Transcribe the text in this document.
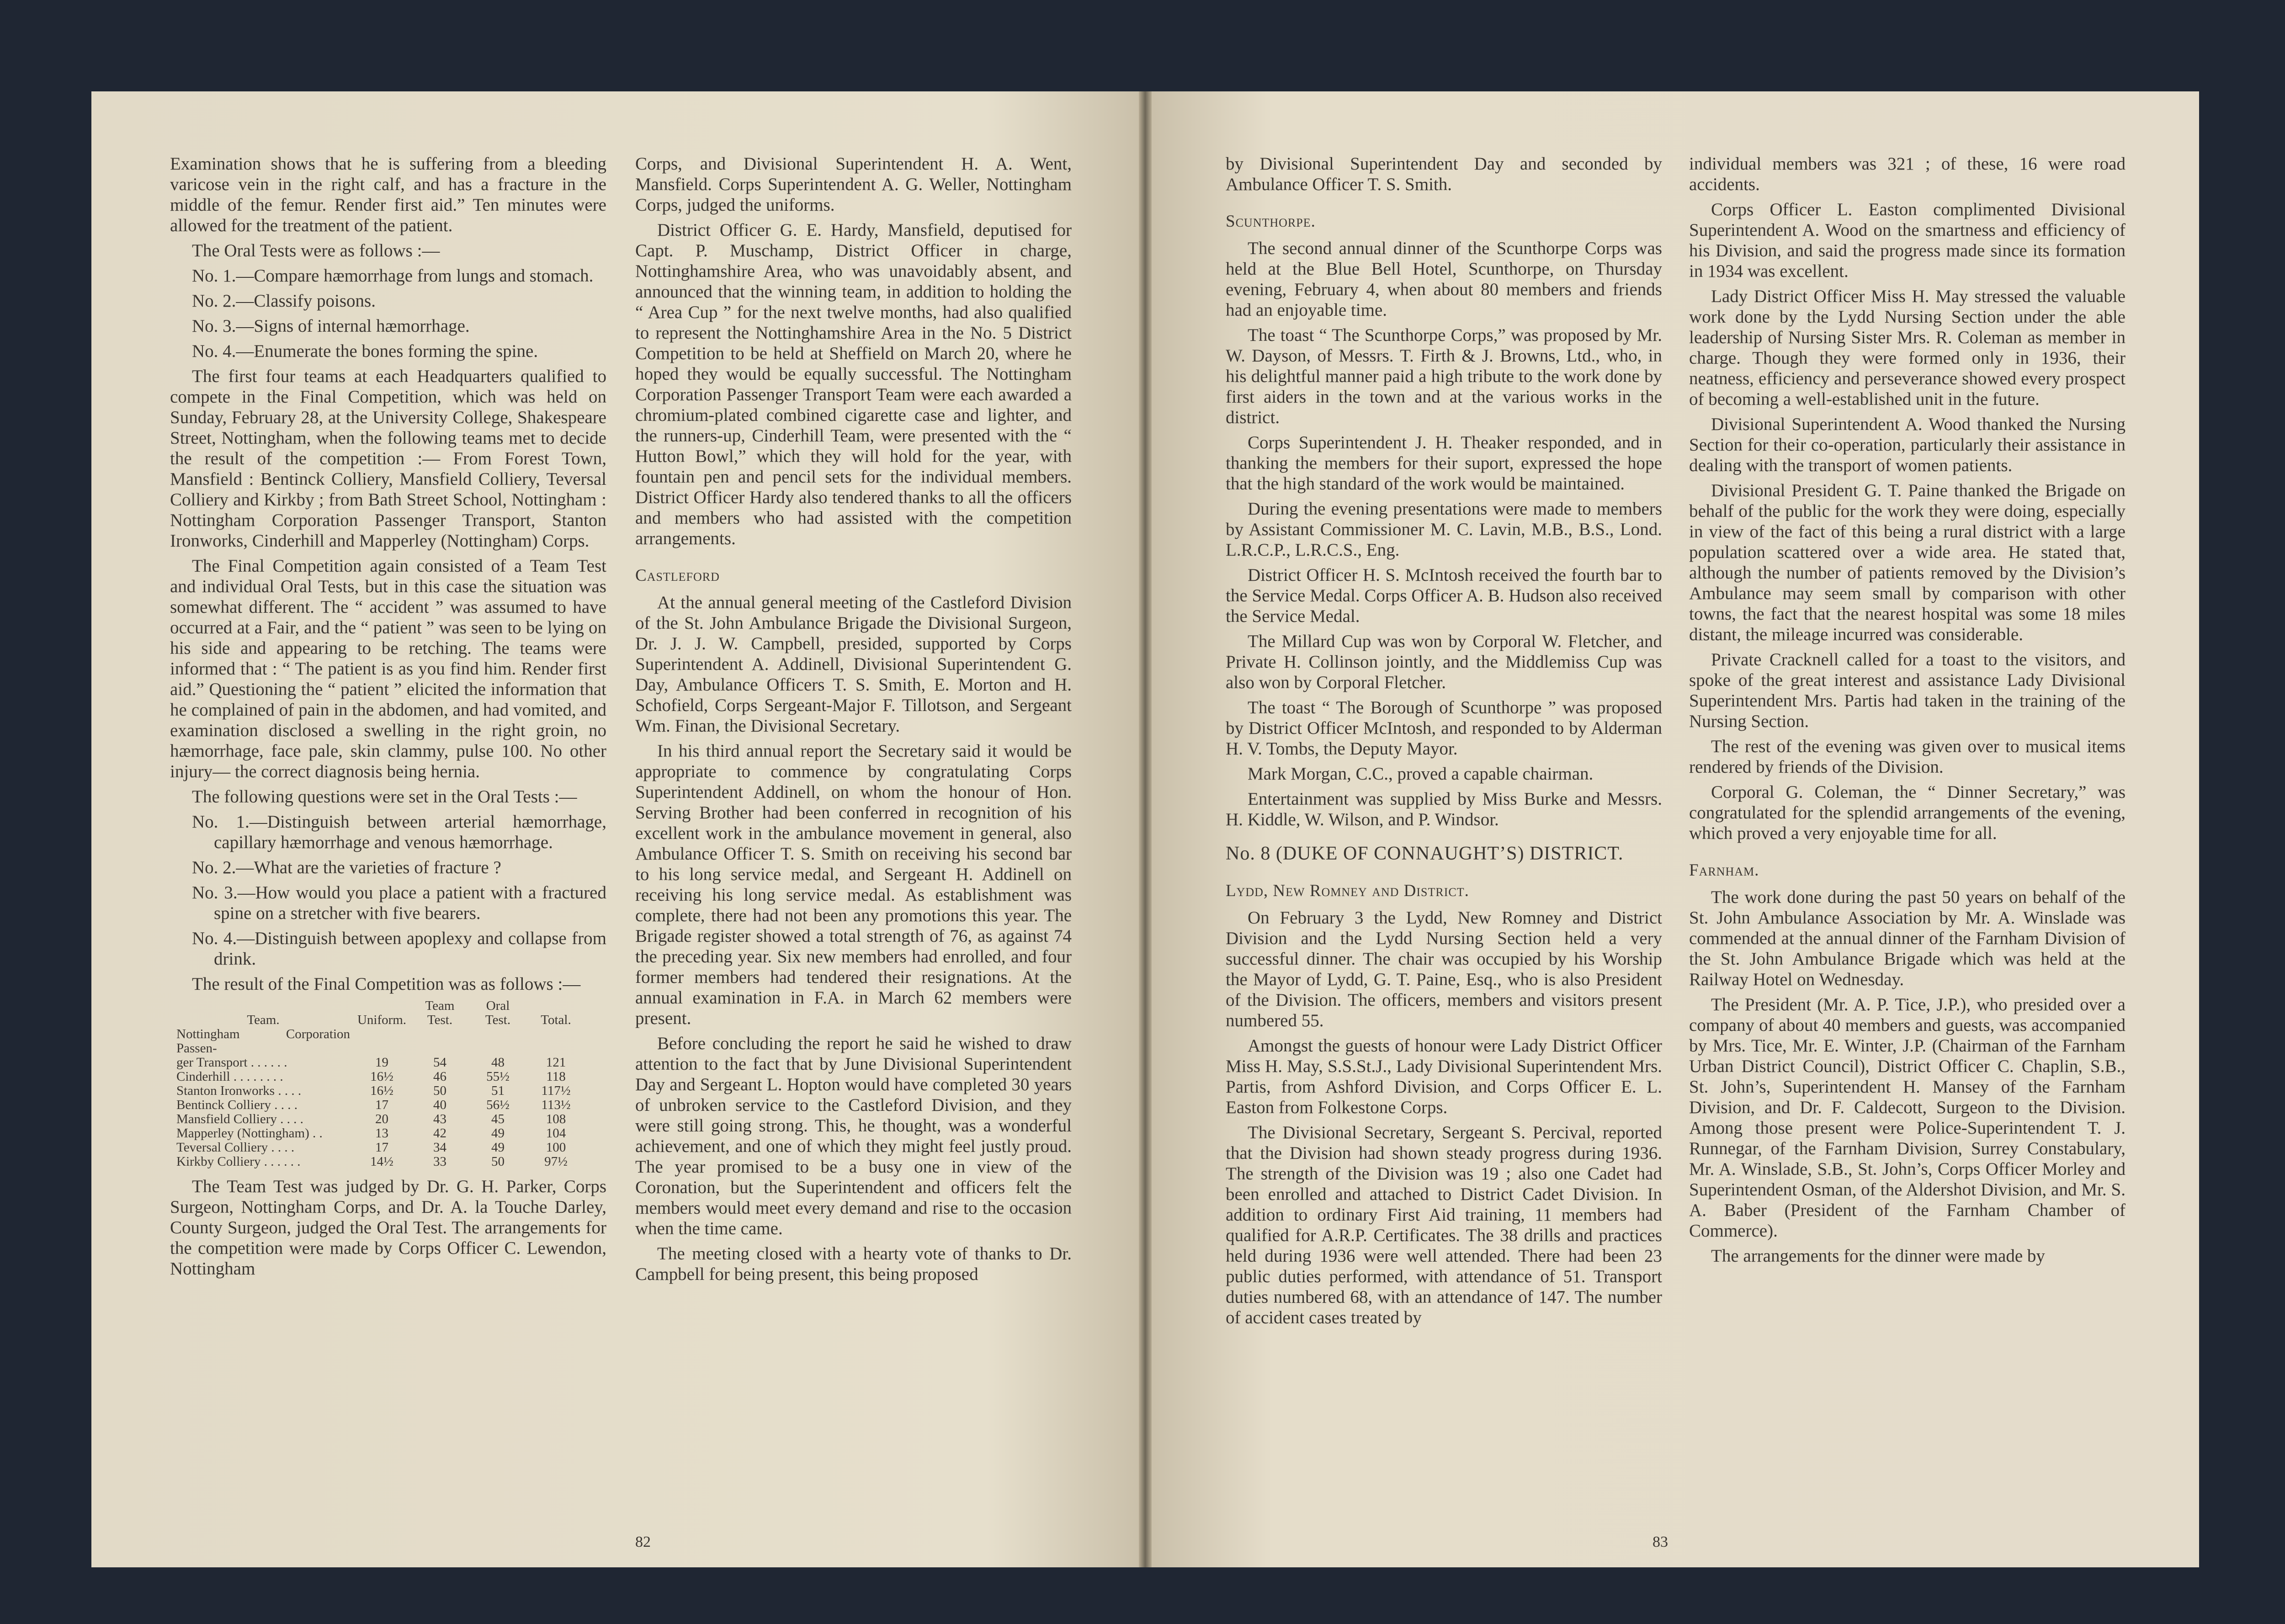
Examination shows that he is suffering from a bleeding varicose vein in the right calf, and has a fracture in the middle of the femur. Render first aid.” Ten minutes were allowed for the treatment of the patient.

The Oral Tests were as follows :—

No. 1.—Compare hæmorrhage from lungs and stomach.

No. 2.—Classify poisons.

No. 3.—Signs of internal hæmorrhage.

No. 4.—Enumerate the bones forming the spine.

The first four teams at each Headquarters qualified to compete in the Final Competition, which was held on Sunday, February 28, at the University College, Shakespeare Street, Nottingham, when the following teams met to decide the result of the competition :— From Forest Town, Mansfield : Bentinck Colliery, Mansfield Colliery, Teversal Colliery and Kirkby ; from Bath Street School, Nottingham : Nottingham Corporation Passenger Transport, Stanton Ironworks, Cinderhill and Mapperley (Nottingham) Corps.

The Final Competition again consisted of a Team Test and individual Oral Tests, but in this case the situation was somewhat different. The “ accident ” was assumed to have occurred at a Fair, and the “ patient ” was seen to be lying on his side and appearing to be retching. The teams were informed that : “ The patient is as you find him. Render first aid.” Questioning the “ patient ” elicited the information that he complained of pain in the abdomen, and had vomited, and examination disclosed a swelling in the right groin, no hæmorrhage, face pale, skin clammy, pulse 100. No other injury— the correct diagnosis being hernia.

The following questions were set in the Oral Tests :—

No. 1.—Distinguish between arterial hæmorrhage, capillary hæmorrhage and venous hæmorrhage.

No. 2.—What are the varieties of fracture ?

No. 3.—How would you place a patient with a fractured spine on a stretcher with five bearers.

No. 4.—Distinguish between apoplexy and collapse from drink.

The result of the Final Competition was as follows :—

		Team	Oral	
Team.	Uniform.	Test.	Test.	Total.
Nottingham Corporation Passen-				
ger Transport . . . . . .	19	54	48	121
Cinderhill . . . . . . . .	16½	46	55½	118
Stanton Ironworks . . . .	16½	50	51	117½
Bentinck Colliery . . . .	17	40	56½	113½
Mansfield Colliery . . . .	20	43	45	108
Mapperley (Nottingham) . .	13	42	49	104
Teversal Colliery . . . .	17	34	49	100
Kirkby Colliery . . . . . .	14½	33	50	97½

The Team Test was judged by Dr. G. H. Parker, Corps Surgeon, Nottingham Corps, and Dr. A. la Touche Darley, County Surgeon, judged the Oral Test. The arrangements for the competition were made by Corps Officer C. Lewendon, Nottingham

Corps, and Divisional Superintendent H. A. Went, Mansfield. Corps Superintendent A. G. Weller, Nottingham Corps, judged the uniforms.

District Officer G. E. Hardy, Mansfield, deputised for Capt. P. Muschamp, District Officer in charge, Nottinghamshire Area, who was unavoidably absent, and announced that the winning team, in addition to holding the “ Area Cup ” for the next twelve months, had also qualified to represent the Nottinghamshire Area in the No. 5 District Competition to be held at Sheffield on March 20, where he hoped they would be equally successful. The Nottingham Corporation Passenger Transport Team were each awarded a chromium-plated combined cigarette case and lighter, and the runners-up, Cinderhill Team, were presented with the “ Hutton Bowl,” which they will hold for the year, with fountain pen and pencil sets for the individual members. District Officer Hardy also tendered thanks to all the officers and members who had assisted with the competition arrangements.

Castleford

At the annual general meeting of the Castleford Division of the St. John Ambulance Brigade the Divisional Surgeon, Dr. J. J. W. Campbell, presided, supported by Corps Superintendent A. Addinell, Divisional Superintendent G. Day, Ambulance Officers T. S. Smith, E. Morton and H. Schofield, Corps Sergeant-Major F. Tillotson, and Sergeant Wm. Finan, the Divisional Secretary.

In his third annual report the Secretary said it would be appropriate to commence by congratulating Corps Superintendent Addinell, on whom the honour of Hon. Serving Brother had been conferred in recognition of his excellent work in the ambulance movement in general, also Ambulance Officer T. S. Smith on receiving his second bar to his long service medal, and Sergeant H. Addinell on receiving his long service medal. As establishment was complete, there had not been any promotions this year. The Brigade register showed a total strength of 76, as against 74 the preceding year. Six new members had enrolled, and four former members had tendered their resignations. At the annual examination in F.A. in March 62 members were present.

Before concluding the report he said he wished to draw attention to the fact that by June Divisional Superintendent Day and Sergeant L. Hopton would have completed 30 years of unbroken service to the Castleford Division, and they were still going strong. This, he thought, was a wonderful achievement, and one of which they might feel justly proud. The year promised to be a busy one in view of the Coronation, but the Superintendent and officers felt the members would meet every demand and rise to the occasion when the time came.

The meeting closed with a hearty vote of thanks to Dr. Campbell for being present, this being proposed

82

by Divisional Superintendent Day and seconded by Ambulance Officer T. S. Smith.

Scunthorpe.

The second annual dinner of the Scunthorpe Corps was held at the Blue Bell Hotel, Scunthorpe, on Thursday evening, February 4, when about 80 members and friends had an enjoyable time.

The toast “ The Scunthorpe Corps,” was proposed by Mr. W. Dayson, of Messrs. T. Firth & J. Browns, Ltd., who, in his delightful manner paid a high tribute to the work done by first aiders in the town and at the various works in the district.

Corps Superintendent J. H. Theaker responded, and in thanking the members for their suport, expressed the hope that the high standard of the work would be maintained.

During the evening presentations were made to members by Assistant Commissioner M. C. Lavin, M.B., B.S., Lond. L.R.C.P., L.R.C.S., Eng.

District Officer H. S. McIntosh received the fourth bar to the Service Medal. Corps Officer A. B. Hudson also received the Service Medal.

The Millard Cup was won by Corporal W. Fletcher, and Private H. Collinson jointly, and the Middlemiss Cup was also won by Corporal Fletcher.

The toast “ The Borough of Scunthorpe ” was proposed by District Officer McIntosh, and responded to by Alderman H. V. Tombs, the Deputy Mayor.

Mark Morgan, C.C., proved a capable chairman.

Entertainment was supplied by Miss Burke and Messrs. H. Kiddle, W. Wilson, and P. Windsor.

No. 8 (DUKE OF CONNAUGHT’S) DISTRICT.

Lydd, New Romney and District.

On February 3 the Lydd, New Romney and District Division and the Lydd Nursing Section held a very successful dinner. The chair was occupied by his Worship the Mayor of Lydd, G. T. Paine, Esq., who is also President of the Division. The officers, members and visitors present numbered 55.

Amongst the guests of honour were Lady District Officer Miss H. May, S.S.St.J., Lady Divisional Superintendent Mrs. Partis, from Ashford Division, and Corps Officer E. L. Easton from Folkestone Corps.

The Divisional Secretary, Sergeant S. Percival, reported that the Division had shown steady progress during 1936. The strength of the Division was 19 ; also one Cadet had been enrolled and attached to District Cadet Division. In addition to ordinary First Aid training, 11 members had qualified for A.R.P. Certificates. The 38 drills and practices held during 1936 were well attended. There had been 23 public duties performed, with attendance of 51. Transport duties numbered 68, with an attendance of 147. The number of accident cases treated by

individual members was 321 ; of these, 16 were road accidents.

Corps Officer L. Easton complimented Divisional Superintendent A. Wood on the smartness and efficiency of his Division, and said the progress made since its formation in 1934 was excellent.

Lady District Officer Miss H. May stressed the valuable work done by the Lydd Nursing Section under the able leadership of Nursing Sister Mrs. R. Coleman as member in charge. Though they were formed only in 1936, their neatness, efficiency and perseverance showed every prospect of becoming a well-established unit in the future.

Divisional Superintendent A. Wood thanked the Nursing Section for their co-operation, particularly their assistance in dealing with the transport of women patients.

Divisional President G. T. Paine thanked the Brigade on behalf of the public for the work they were doing, especially in view of the fact of this being a rural district with a large population scattered over a wide area. He stated that, although the number of patients removed by the Division’s Ambulance may seem small by comparison with other towns, the fact that the nearest hospital was some 18 miles distant, the mileage incurred was considerable.

Private Cracknell called for a toast to the visitors, and spoke of the great interest and assistance Lady Divisional Superintendent Mrs. Partis had taken in the training of the Nursing Section.

The rest of the evening was given over to musical items rendered by friends of the Division.

Corporal G. Coleman, the “ Dinner Secretary,” was congratulated for the splendid arrangements of the evening, which proved a very enjoyable time for all.

Farnham.

The work done during the past 50 years on behalf of the St. John Ambulance Association by Mr. A. Winslade was commended at the annual dinner of the Farnham Division of the St. John Ambulance Brigade which was held at the Railway Hotel on Wednesday.

The President (Mr. A. P. Tice, J.P.), who presided over a company of about 40 members and guests, was accompanied by Mrs. Tice, Mr. E. Winter, J.P. (Chairman of the Farnham Urban District Council), District Officer C. Chaplin, S.B., St. John’s, Superintendent H. Mansey of the Farnham Division, and Dr. F. Caldecott, Surgeon to the Division. Among those present were Police-Superintendent T. J. Runnegar, of the Farnham Division, Surrey Constabulary, Mr. A. Winslade, S.B., St. John’s, Corps Officer Morley and Superintendent Osman, of the Aldershot Division, and Mr. S. A. Baber (President of the Farnham Chamber of Commerce).

The arrangements for the dinner were made by

83
